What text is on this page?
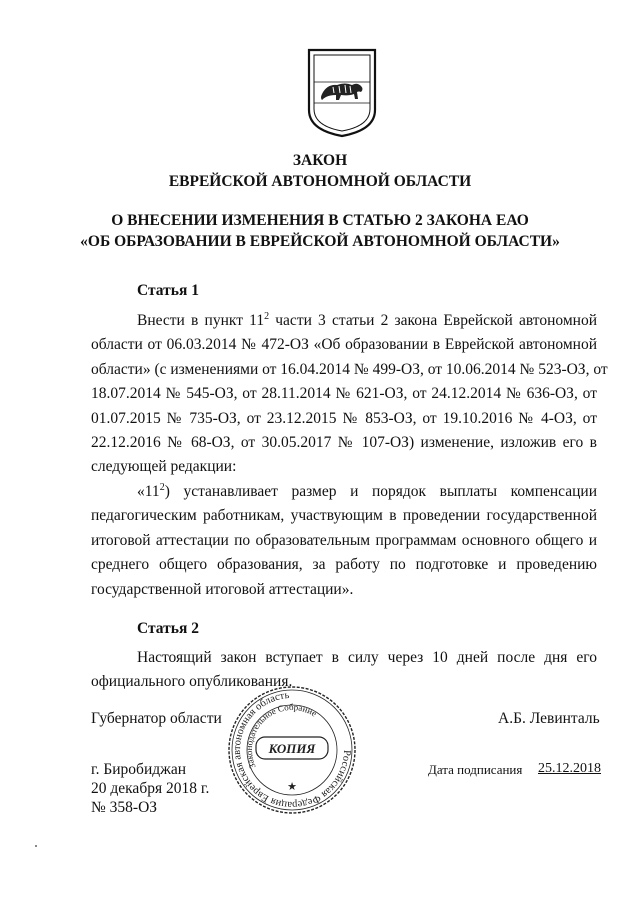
ЗАКОН
ЕВРЕЙСКОЙ АВТОНОМНОЙ ОБЛАСТИ
О ВНЕСЕНИИ ИЗМЕНЕНИЯ В СТАТЬЮ 2 ЗАКОНА ЕАО
«ОБ ОБРАЗОВАНИИ В ЕВРЕЙСКОЙ АВТОНОМНОЙ ОБЛАСТИ»
Статья 1
Внести в пункт $11^2$ части 3 статьи 2 закона Еврейской автономной
области от 06.03.2014 № 472-ОЗ «Об образовании в Еврейской автономной
области» (с изменениями от 16.04.2014 № 499-ОЗ, от 10.06.2014 № 523-ОЗ, от
18.07.2014 № 545-ОЗ, от 28.11.2014 № 621-ОЗ, от 24.12.2014 № 636-ОЗ, от
01.07.2015 № 735-ОЗ, от 23.12.2015 № 853-ОЗ, от 19.10.2016 № 4-ОЗ, от
22.12.2016 № 68-ОЗ, от 30.05.2017 № 107-ОЗ) изменение, изложив его в
следующей редакции:
«$11^2$) устанавливает размер и порядок выплаты компенсации
педагогическим работникам, участвующим в проведении государственной
итоговой аттестации по образовательным программам основного общего и
среднего общего образования, за работу по подготовке и проведению
государственной итоговой аттестации».
Статья 2
Настоящий закон вступает в силу через 10 дней после дня его
официального опубликования.
Губернатор области	А.Б. Левинталь
г. Биробиджан
20 декабря 2018 г.
№ 358-ОЗ
Дата подписания 25.12.2018
Российская Федерация Еврейская автономная область
Законодательное Собрание
КОПИЯ
★
